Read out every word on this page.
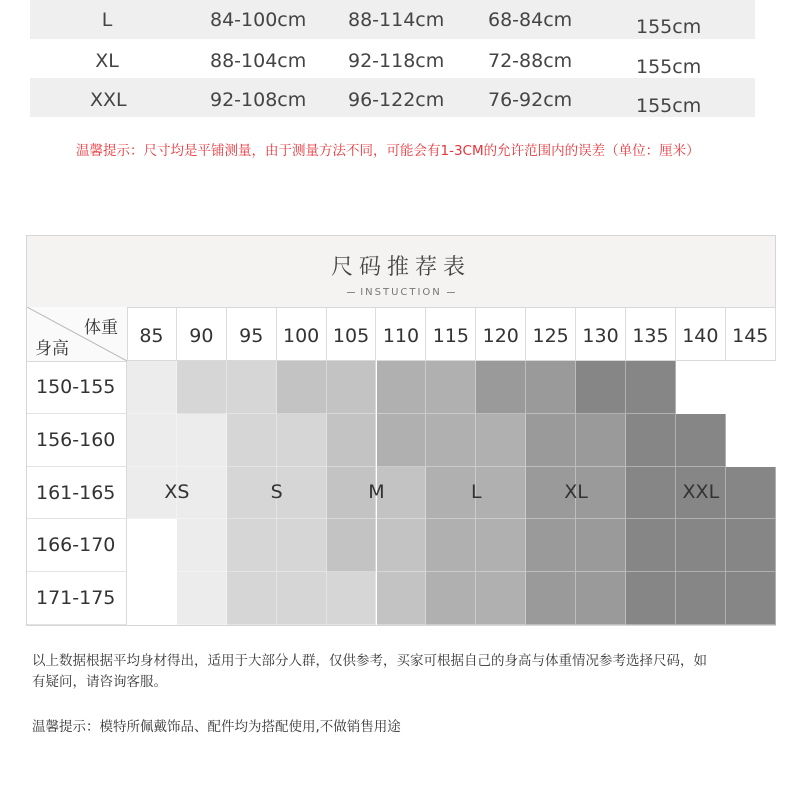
L	84-100cm 88-114cm 68-84cm	155cm
XL	88-104cm 92-118cm 72-88cm	155cm
XXL	92-108cm 96-122cm 76-92cm	155cm
温馨提示：尺寸均是平铺测量，由于测量方法不同，可能会有1-3CM的允许范围内的误差（单位：厘米）
尺码推荐表
INSTUCTION
体重
身高
85	90	95	100 105 110 115 120 125 130 135 140 145
150-155
156-160
161-165
166-170
171-175
XS	S	M	L	XL	XXL
以上数据根据平均身材得出，适用于大部分人群，仅供参考，买家可根据自己的身高与体重情况参考选择尺码，如有疑问，请咨询客服。
温馨提示：模特所佩戴饰品、配件均为搭配使用,不做销售用途
